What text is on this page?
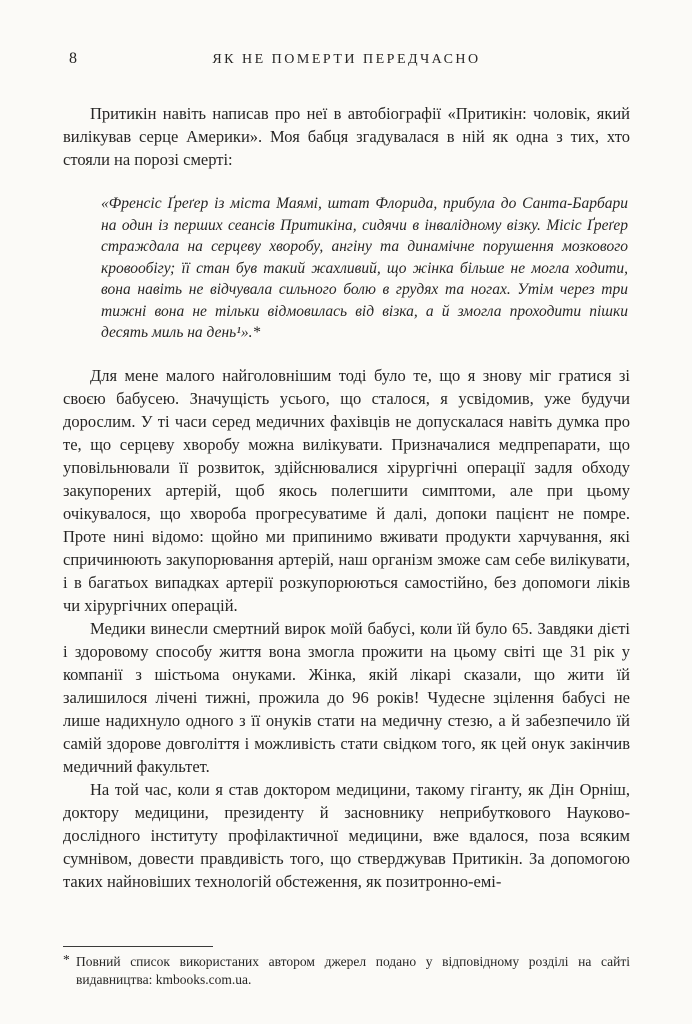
8	ЯК НЕ ПОМЕРТИ ПЕРЕДЧАСНО

Притикін навіть написав про неї в автобіографії «Притикін: чоловік, який вилікував серце Америки». Моя бабця згадувалася в ній як одна з тих, хто стояли на порозі смерті:

«Френсіс Ґреґер із міста Маямі, штат Флорида, прибула до Санта-Барбари на один із перших сеансів Притикіна, сидячи в інвалідному візку. Місіс Ґреґер страждала на серцеву хворобу, ангіну та динамічне порушення мозкового кровообігу; її стан був такий жахливий, що жінка більше не могла ходити, вона навіть не відчувала сильного болю в грудях та ногах. Утім через три тижні вона не тільки відмовилась від візка, а й змогла проходити пішки десять миль на день¹».*

Для мене малого найголовнішим тоді було те, що я знову міг гратися зі своєю бабусею. Значущість усього, що сталося, я усвідомив, уже будучи дорослим. У ті часи серед медичних фахівців не допускалася навіть думка про те, що серцеву хворобу можна вилікувати. Призначалися медпрепарати, що уповільнювали її розвиток, здійснювалися хірургічні операції задля обходу закупорених артерій, щоб якось полегшити симптоми, але при цьому очікувалося, що хвороба прогресуватиме й далі, допоки пацієнт не помре. Проте нині відомо: щойно ми припинимо вживати продукти харчування, які спричинюють закупорювання артерій, наш організм зможе сам себе вилікувати, і в багатьох випадках артерії розкупорюються самостійно, без допомоги ліків чи хірургічних операцій.

Медики винесли смертний вирок моїй бабусі, коли їй було 65. Завдяки дієті і здоровому способу життя вона змогла прожити на цьому світі ще 31 рік у компанії з шістьома онуками. Жінка, якій лікарі сказали, що жити їй залишилося лічені тижні, прожила до 96 років! Чудесне зцілення бабусі не лише надихнуло одного з її онуків стати на медичну стезю, а й забезпечило їй самій здорове довголіття і можливість стати свідком того, як цей онук закінчив медичний факультет.

На той час, коли я став доктором медицини, такому гіганту, як Дін Орніш, доктору медицини, президенту й засновнику неприбуткового Науково-дослідного інституту профілактичної медицини, вже вдалося, поза всяким сумнівом, довести правдивість того, що стверджував Притикін. За допомогою таких найновіших технологій обстеження, як позитронно-емі-

* Повний список використаних автором джерел подано у відповідному розділі на сайті видавництва: kmbooks.com.ua.
